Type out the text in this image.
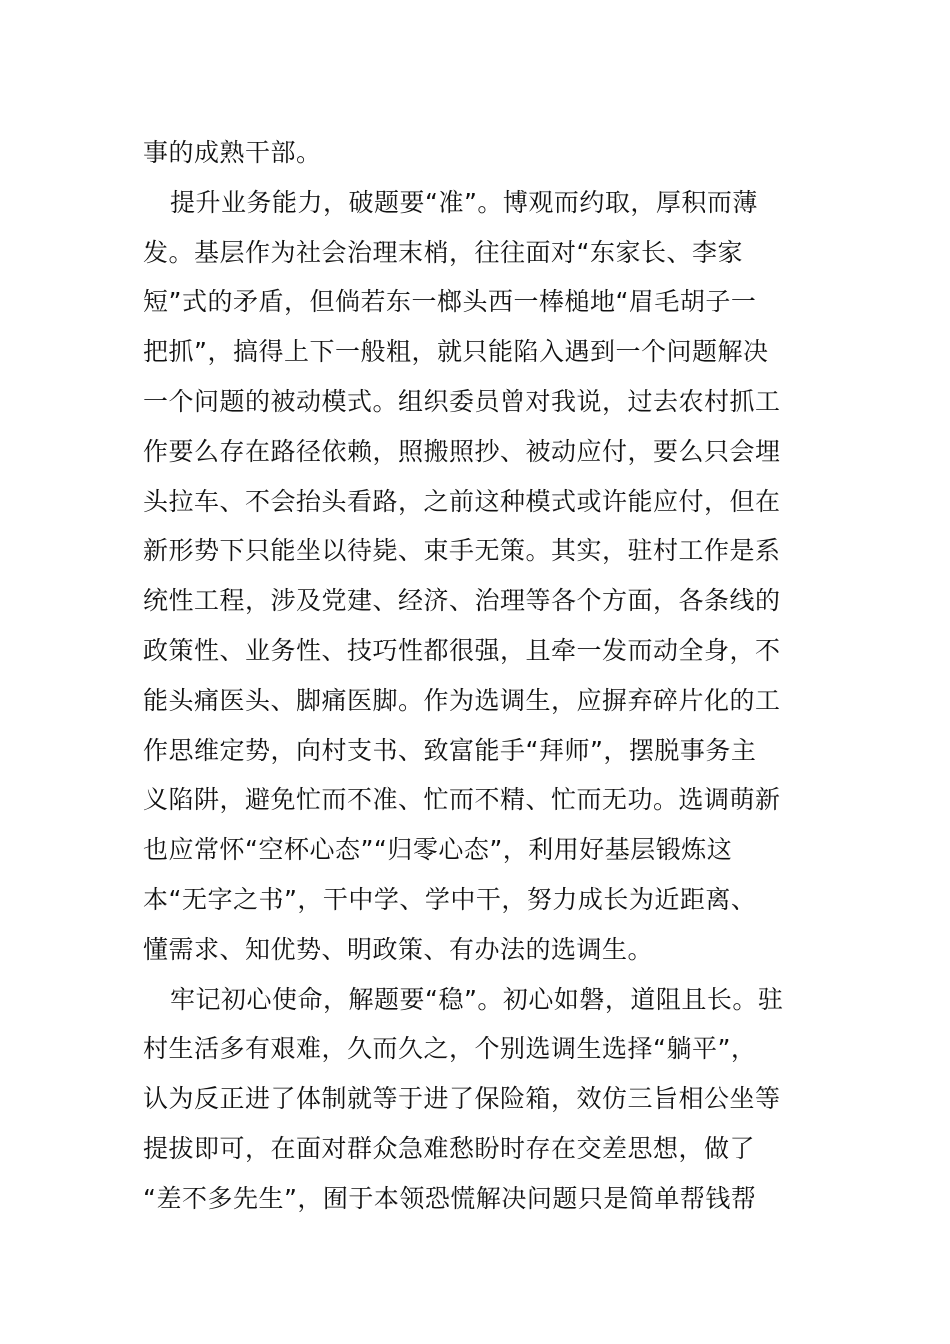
事的成熟干部。
提升业务能力，破题要“准”。博观而约取，厚积而薄
发。基层作为社会治理末梢，往往面对“东家长、李家
短”式的矛盾，但倘若东一榔头西一棒槌地“眉毛胡子一
把抓”，搞得上下一般粗，就只能陷入遇到一个问题解决
一个问题的被动模式。组织委员曾对我说，过去农村抓工
作要么存在路径依赖，照搬照抄、被动应付，要么只会埋
头拉车、不会抬头看路，之前这种模式或许能应付，但在
新形势下只能坐以待毙、束手无策。其实，驻村工作是系
统性工程，涉及党建、经济、治理等各个方面，各条线的
政策性、业务性、技巧性都很强，且牵一发而动全身，不
能头痛医头、脚痛医脚。作为选调生，应摒弃碎片化的工
作思维定势，向村支书、致富能手“拜师”，摆脱事务主
义陷阱，避免忙而不准、忙而不精、忙而无功。选调萌新
也应常怀“空杯心态”“归零心态”，利用好基层锻炼这
本“无字之书”，干中学、学中干，努力成长为近距离、
懂需求、知优势、明政策、有办法的选调生。
牢记初心使命，解题要“稳”。初心如磐，道阻且长。驻
村生活多有艰难，久而久之，个别选调生选择“躺平”，
认为反正进了体制就等于进了保险箱，效仿三旨相公坐等
提拔即可，在面对群众急难愁盼时存在交差思想，做了
“差不多先生”，囿于本领恐慌解决问题只是简单帮钱帮
